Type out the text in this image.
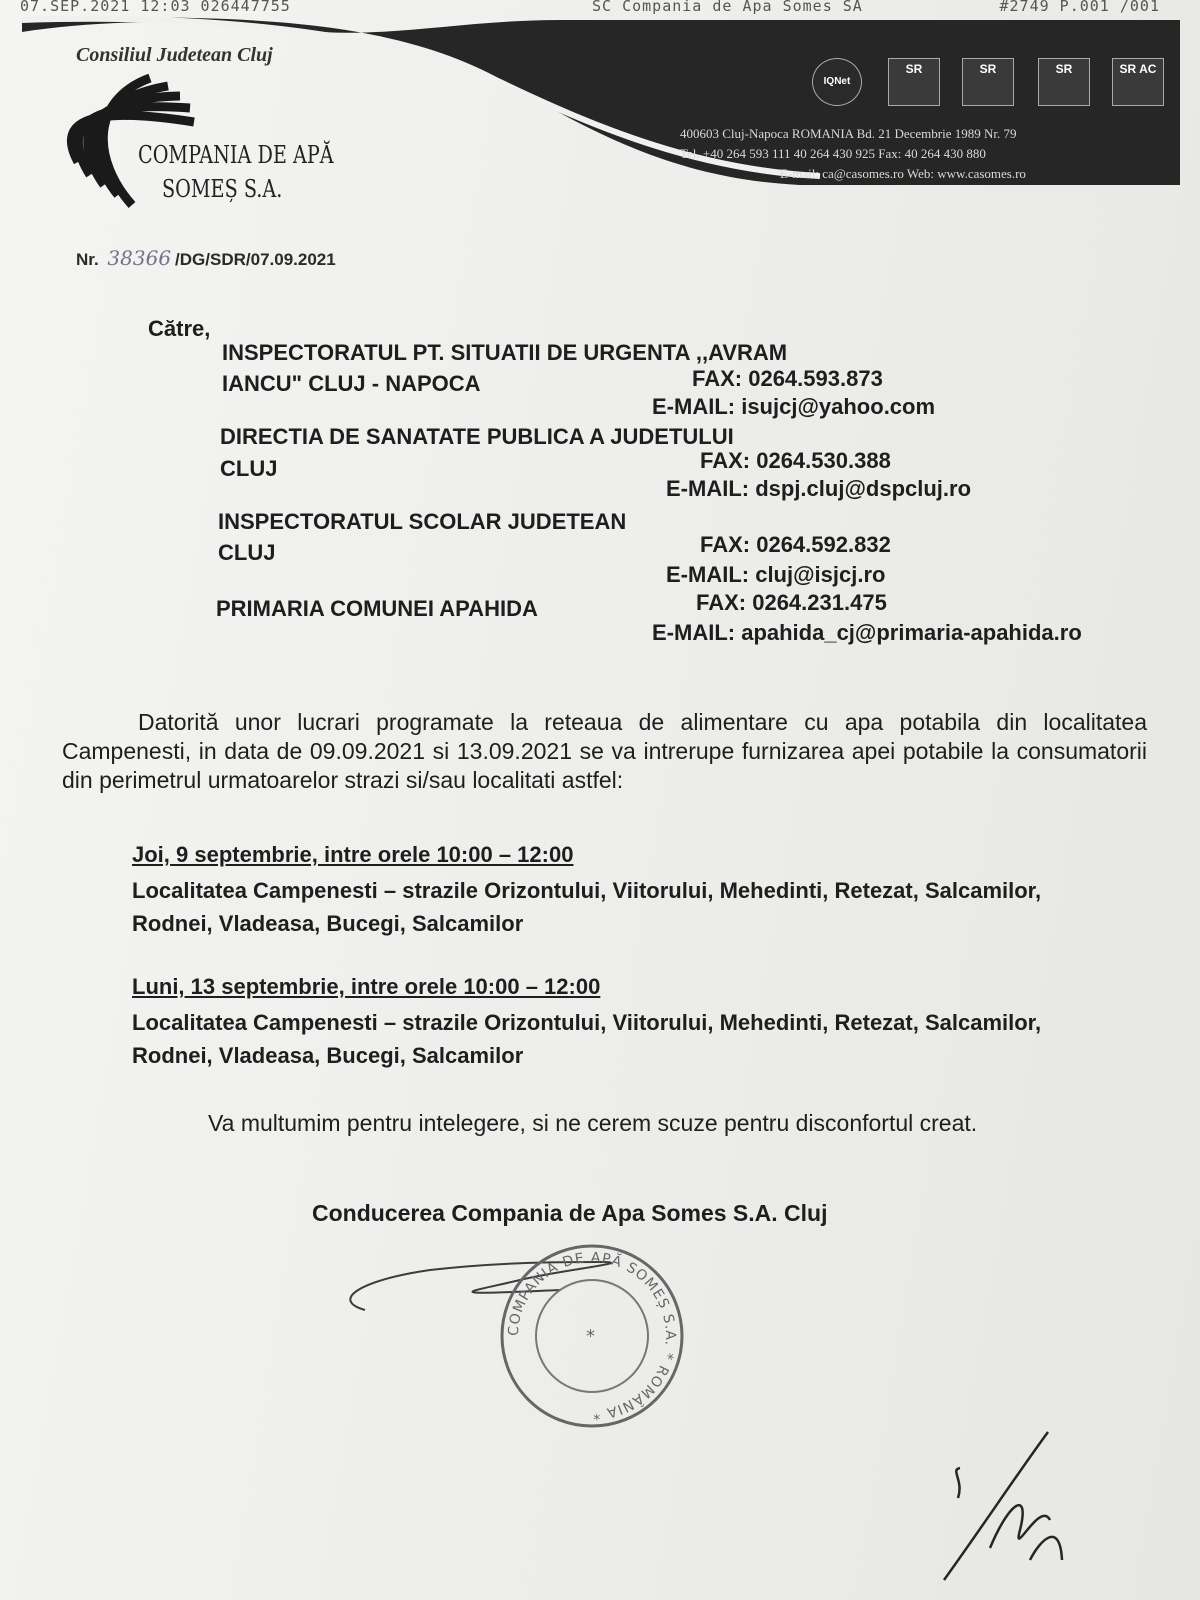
07.SEP.2021 12:03 026447755	SC Compania de Apa Somes SA	#2749 P.001 /001
Consiliul Judetean Cluj
COMPANIA DE APĂ
SOMEȘ S.A.
IQNet
SR	SR	SR	SR AC
400603 Cluj-Napoca ROMANIA Bd. 21 Decembrie 1989 Nr. 79
Tel. +40 264 593 111 40 264 430 925 Fax: 40 264 430 880
E-mail: ca@casomes.ro Web: www.casomes.ro
Nr. 38366 /DG/SDR/07.09.2021
Către,
INSPECTORATUL PT. SITUATII DE URGENTA ,,AVRAM
IANCU" CLUJ - NAPOCA	FAX: 0264.593.873
E-MAIL: isujcj@yahoo.com
DIRECTIA DE SANATATE PUBLICA A JUDETULUI
CLUJ	FAX: 0264.530.388
E-MAIL: dspj.cluj@dspcluj.ro
INSPECTORATUL SCOLAR JUDETEAN
CLUJ	FAX: 0264.592.832
E-MAIL: cluj@isjcj.ro
PRIMARIA COMUNEI APAHIDA	FAX: 0264.231.475
E-MAIL: apahida_cj@primaria-apahida.ro
Datorită unor lucrari programate la reteaua de alimentare cu apa potabila din localitatea Campenesti, in data de 09.09.2021 si 13.09.2021 se va intrerupe furnizarea apei potabile la consumatorii din perimetrul urmatoarelor strazi si/sau localitati astfel:
Joi, 9 septembrie, intre orele 10:00 – 12:00
Localitatea Campenesti – strazile Orizontului, Viitorului, Mehedinti, Retezat, Salcamilor, Rodnei, Vladeasa, Bucegi, Salcamilor
Luni, 13 septembrie, intre orele 10:00 – 12:00
Localitatea Campenesti – strazile Orizontului, Viitorului, Mehedinti, Retezat, Salcamilor, Rodnei, Vladeasa, Bucegi, Salcamilor
Va multumim pentru intelegere, si ne cerem scuze pentru disconfortul creat.
Conducerea Compania de Apa Somes S.A. Cluj
*
COMPANIA DE APĂ SOMEȘ S.A. * ROMÂNIA *
